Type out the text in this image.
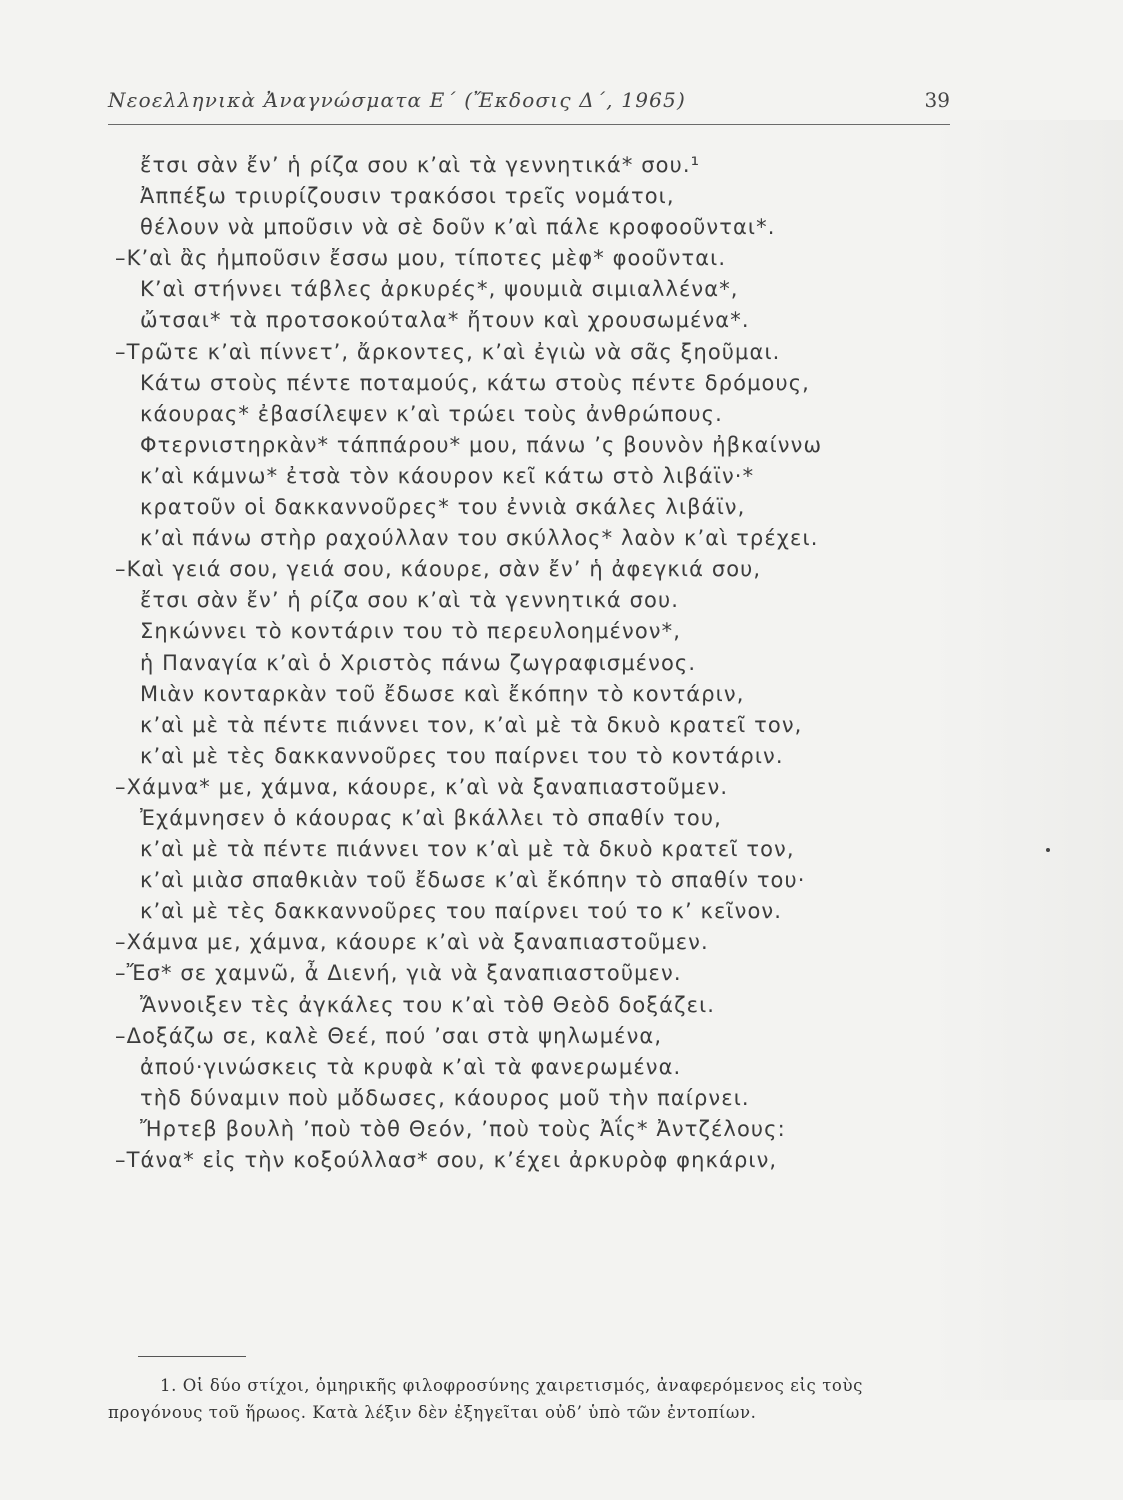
Νεοελληνικὰ Ἀναγνώσματα Ε΄ (Ἔκδοσις Δ΄, 1965)	39
ἔτσι σὰν ἔν’ ἡ ρίζα σου κ’αὶ τὰ γεννητικά* σου.¹
Ἀππέξω τριυρίζουσιν τρακόσοι τρεῖς νομάτοι,
θέλουν νὰ μποῦσιν νὰ σὲ δοῦν κ’αὶ πάλε κροφοοῦνται*.
–Κ’αὶ ἂς ἠμποῦσιν ἔσσω μου, τίποτες μὲφ* φοοῦνται.
Κ’αὶ στήννει τάβλες ἀρκυρές*, ψουμιὰ σιμιαλλένα*,
ὤτσαι* τὰ προτσοκούταλα* ἤτουν καὶ χρουσωμένα*.
–Τρῶτε κ’αὶ πίννετ’, ἄρκοντες, κ’αὶ ἐγιὼ νὰ σᾶς ξηοῦμαι.
Κάτω στοὺς πέντε ποταμούς, κάτω στοὺς πέντε δρόμους,
κάουρας* ἐβασίλεψεν κ’αὶ τρώει τοὺς ἀνθρώπους.
Φτερνιστηρκὰν* τάππάρου* μου, πάνω ’ς βουνὸν ἠβκαίννω
κ’αὶ κάμνω* ἐτσὰ τὸν κάουρον κεῖ κάτω στὸ λιβάϊν·*
κρατοῦν οἱ δακκαννοῦρες* του ἐννιὰ σκάλες λιβάϊν,
κ’αὶ πάνω στὴρ ραχούλλαν του σκύλλος* λαὸν κ’αὶ τρέχει.
–Καὶ γειά σου, γειά σου, κάουρε, σὰν ἔν’ ἡ ἀφεγκιά σου,
ἔτσι σὰν ἔν’ ἡ ρίζα σου κ’αὶ τὰ γεννητικά σου.
Σηκώννει τὸ κοντάριν του τὸ περευλοημένον*,
ἡ Παναγία κ’αὶ ὁ Χριστὸς πάνω ζωγραφισμένος.
Μιὰν κονταρκὰν τοῦ ἔδωσε καὶ ἔκόπην τὸ κοντάριν,
κ’αὶ μὲ τὰ πέντε πιάννει τον, κ’αὶ μὲ τὰ δκυὸ κρατεῖ τον,
κ’αὶ μὲ τὲς δακκαννοῦρες του παίρνει του τὸ κοντάριν.
–Χάμνα* με, χάμνα, κάουρε, κ’αὶ νὰ ξαναπιαστοῦμεν.
Ἐχάμνησεν ὁ κάουρας κ’αὶ βκάλλει τὸ σπαθίν του,
κ’αὶ μὲ τὰ πέντε πιάννει τον κ’αὶ μὲ τὰ δκυὸ κρατεῖ τον,
κ’αὶ μιὰσ σπαθκιὰν τοῦ ἔδωσε κ’αὶ ἔκόπην τὸ σπαθίν του·
κ’αὶ μὲ τὲς δακκαννοῦρες του παίρνει τού το κ’ κεῖνον.
–Χάμνα με, χάμνα, κάουρε κ’αὶ νὰ ξαναπιαστοῦμεν.
–Ἔσ* σε χαμνῶ, ἆ Διενή, γιὰ νὰ ξαναπιαστοῦμεν.
Ἄννοιξεν τὲς ἀγκάλες του κ’αὶ τὸθ Θεὸδ δοξάζει.
–Δοξάζω σε, καλὲ Θεέ, πού ’σαι στὰ ψηλωμένα,
ἀπού·γινώσκεις τὰ κρυφὰ κ’αὶ τὰ φανερωμένα.
τὴδ δύναμιν ποὺ μὄδωσες, κάουρος μοῦ τὴν παίρνει.
Ἤρτεβ βουλὴ ’ποὺ τὸθ Θεόν, ’ποὺ τοὺς Ἀΐς* Ἀντζέλους:
–Τάνα* εἰς τὴν κοξούλλασ* σου, κ’έχει ἀρκυρὸφ φηκάριν,
1. Οἱ δύο στίχοι, ὁμηρικῆς φιλοφροσύνης χαιρετισμός, ἀναφερόμενος εἰς τοὺς
προγόνους τοῦ ἥρωος. Κατὰ λέξιν δὲν ἐξηγεῖται οὐδ’ ὑπὸ τῶν ἐντοπίων.
